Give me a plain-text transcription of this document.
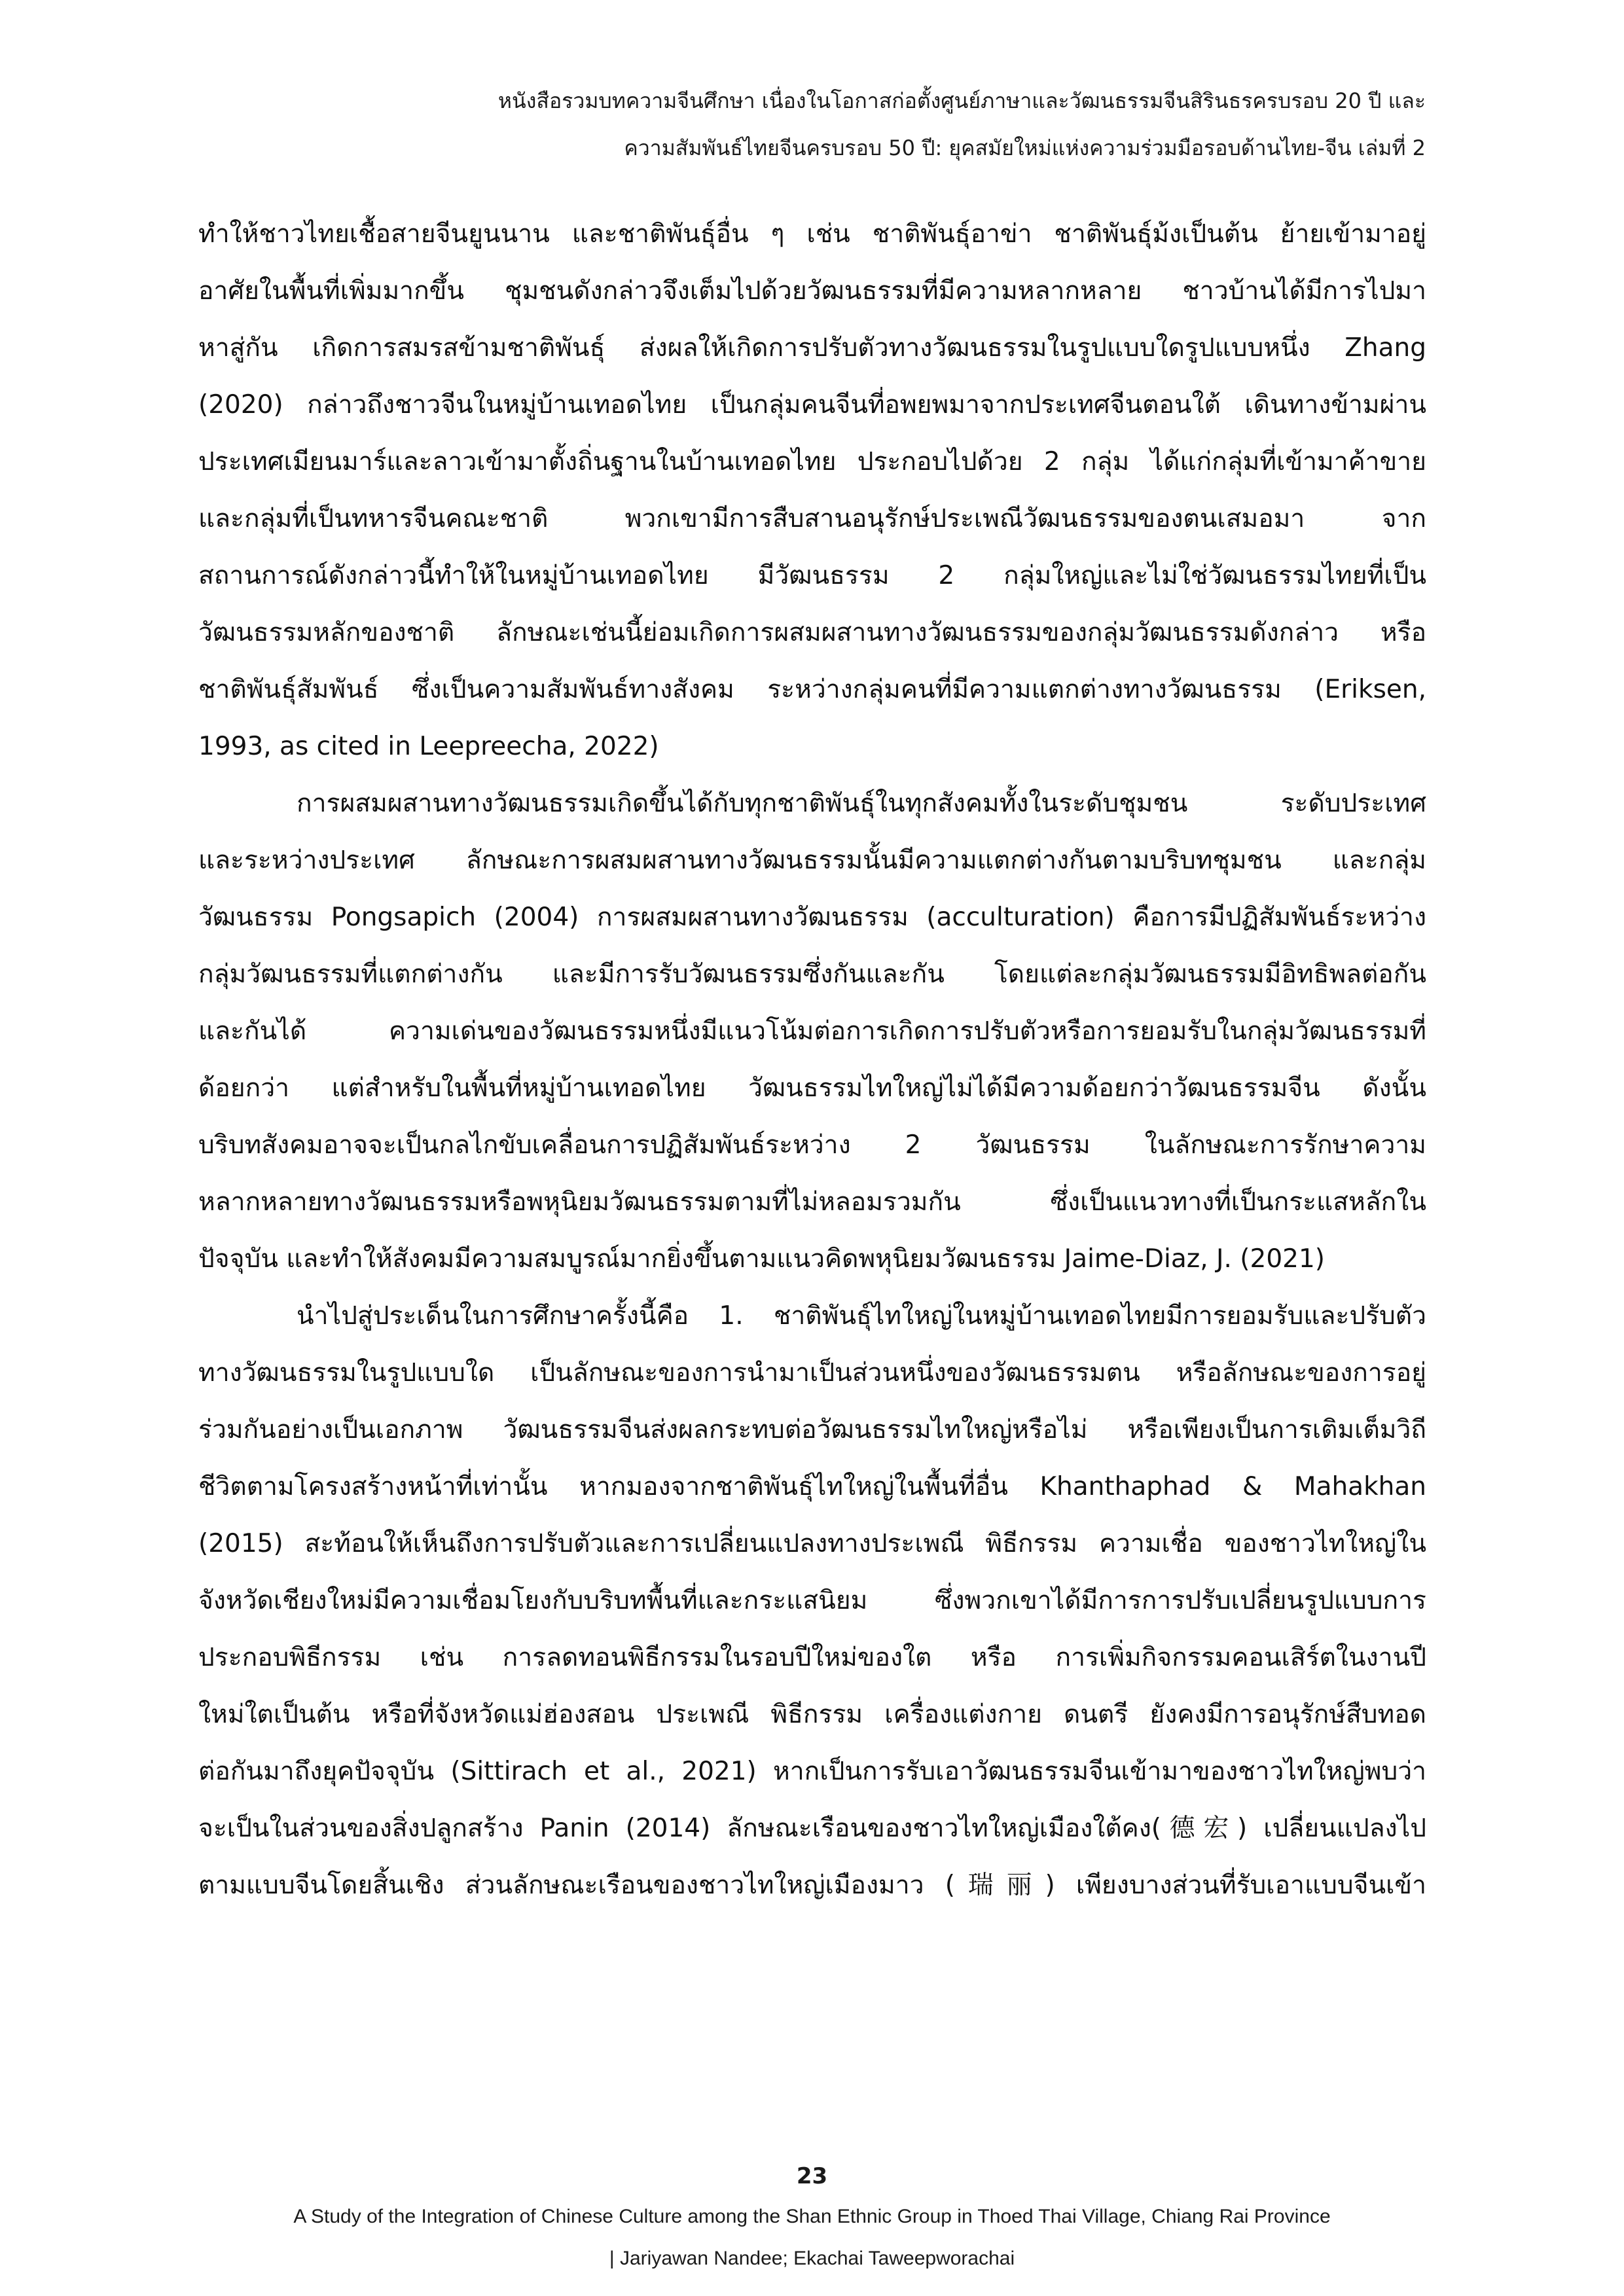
หนังสือรวมบทความจีนศึกษา เนื่องในโอกาสก่อตั้งศูนย์ภาษาและวัฒนธรรมจีนสิรินธรครบรอบ 20 ปี และ
ความสัมพันธ์ไทยจีนครบรอบ 50 ปี: ยุคสมัยใหม่แห่งความร่วมมือรอบด้านไทย-จีน เล่มที่ 2
ทำให้ชาวไทยเชื้อสายจีนยูนนาน และชาติพันธุ์อื่น ๆ เช่น ชาติพันธุ์อาข่า ชาติพันธุ์ม้งเป็นต้น ย้ายเข้ามาอยู่
อาศัยในพื้นที่เพิ่มมากขึ้น ชุมชนดังกล่าวจึงเต็มไปด้วยวัฒนธรรมที่มีความหลากหลาย ชาวบ้านได้มีการไปมา
หาสู่กัน เกิดการสมรสข้ามชาติพันธุ์ ส่งผลให้เกิดการปรับตัวทางวัฒนธรรมในรูปแบบใดรูปแบบหนึ่ง Zhang
(2020) กล่าวถึงชาวจีนในหมู่บ้านเทอดไทย เป็นกลุ่มคนจีนที่อพยพมาจากประเทศจีนตอนใต้ เดินทางข้ามผ่าน
ประเทศเมียนมาร์และลาวเข้ามาตั้งถิ่นฐานในบ้านเทอดไทย ประกอบไปด้วย 2 กลุ่ม ได้แก่กลุ่มที่เข้ามาค้าขาย
และกลุ่มที่เป็นทหารจีนคณะชาติ พวกเขามีการสืบสานอนุรักษ์ประเพณีวัฒนธรรมของตนเสมอมา จาก
สถานการณ์ดังกล่าวนี้ทำให้ในหมู่บ้านเทอดไทย มีวัฒนธรรม 2 กลุ่มใหญ่และไม่ใช่วัฒนธรรมไทยที่เป็น
วัฒนธรรมหลักของชาติ ลักษณะเช่นนี้ย่อมเกิดการผสมผสานทางวัฒนธรรมของกลุ่มวัฒนธรรมดังกล่าว หรือ
ชาติพันธุ์สัมพันธ์ ซึ่งเป็นความสัมพันธ์ทางสังคม ระหว่างกลุ่มคนที่มีความแตกต่างทางวัฒนธรรม (Eriksen,
1993, as cited in Leepreecha, 2022)
การผสมผสานทางวัฒนธรรมเกิดขึ้นได้กับทุกชาติพันธุ์ในทุกสังคมทั้งในระดับชุมชน ระดับประเทศ
และระหว่างประเทศ ลักษณะการผสมผสานทางวัฒนธรรมนั้นมีความแตกต่างกันตามบริบทชุมชน และกลุ่ม
วัฒนธรรม Pongsapich (2004) การผสมผสานทางวัฒนธรรม (acculturation) คือการมีปฏิสัมพันธ์ระหว่าง
กลุ่มวัฒนธรรมที่แตกต่างกัน และมีการรับวัฒนธรรมซึ่งกันและกัน โดยแต่ละกลุ่มวัฒนธรรมมีอิทธิพลต่อกัน
และกันได้ ความเด่นของวัฒนธรรมหนึ่งมีแนวโน้มต่อการเกิดการปรับตัวหรือการยอมรับในกลุ่มวัฒนธรรมที่
ด้อยกว่า แต่สำหรับในพื้นที่หมู่บ้านเทอดไทย วัฒนธรรมไทใหญ่ไม่ได้มีความด้อยกว่าวัฒนธรรมจีน ดังนั้น
บริบทสังคมอาจจะเป็นกลไกขับเคลื่อนการปฏิสัมพันธ์ระหว่าง 2 วัฒนธรรม ในลักษณะการรักษาความ
หลากหลายทางวัฒนธรรมหรือพหุนิยมวัฒนธรรมตามที่ไม่หลอมรวมกัน ซึ่งเป็นแนวทางที่เป็นกระแสหลักใน
ปัจจุบัน และทำให้สังคมมีความสมบูรณ์มากยิ่งขึ้นตามแนวคิดพหุนิยมวัฒนธรรม Jaime-Diaz, J. (2021)
นำไปสู่ประเด็นในการศึกษาครั้งนี้คือ 1. ชาติพันธุ์ไทใหญ่ในหมู่บ้านเทอดไทยมีการยอมรับและปรับตัว
ทางวัฒนธรรมในรูปแบบใด เป็นลักษณะของการนำมาเป็นส่วนหนึ่งของวัฒนธรรมตน หรือลักษณะของการอยู่
ร่วมกันอย่างเป็นเอกภาพ วัฒนธรรมจีนส่งผลกระทบต่อวัฒนธรรมไทใหญ่หรือไม่ หรือเพียงเป็นการเติมเต็มวิถี
ชีวิตตามโครงสร้างหน้าที่เท่านั้น หากมองจากชาติพันธุ์ไทใหญ่ในพื้นที่อื่น Khanthaphad & Mahakhan
(2015) สะท้อนให้เห็นถึงการปรับตัวและการเปลี่ยนแปลงทางประเพณี พิธีกรรม ความเชื่อ ของชาวไทใหญ่ใน
จังหวัดเชียงใหม่มีความเชื่อมโยงกับบริบทพื้นที่และกระแสนิยม ซึ่งพวกเขาได้มีการการปรับเปลี่ยนรูปแบบการ
ประกอบพิธีกรรม เช่น การลดทอนพิธีกรรมในรอบปีใหม่ของใต หรือ การเพิ่มกิจกรรมคอนเสิร์ตในงานปี
ใหม่ใตเป็นต้น หรือที่จังหวัดแม่ฮ่องสอน ประเพณี พิธีกรรม เครื่องแต่งกาย ดนตรี ยังคงมีการอนุรักษ์สืบทอด
ต่อกันมาถึงยุคปัจจุบัน (Sittirach et al., 2021) หากเป็นการรับเอาวัฒนธรรมจีนเข้ามาของชาวไทใหญ่พบว่า
จะเป็นในส่วนของสิ่งปลูกสร้าง Panin (2014) ลักษณะเรือนของชาวไทใหญ่เมืองใต้คง(德宏) เปลี่ยนแปลงไป
ตามแบบจีนโดยสิ้นเชิง ส่วนลักษณะเรือนของชาวไทใหญ่เมืองมาว (瑞丽) เพียงบางส่วนที่รับเอาแบบจีนเข้า
23
A Study of the Integration of Chinese Culture among the Shan Ethnic Group in Thoed Thai Village, Chiang Rai Province
| Jariyawan Nandee; Ekachai Taweepworachai
